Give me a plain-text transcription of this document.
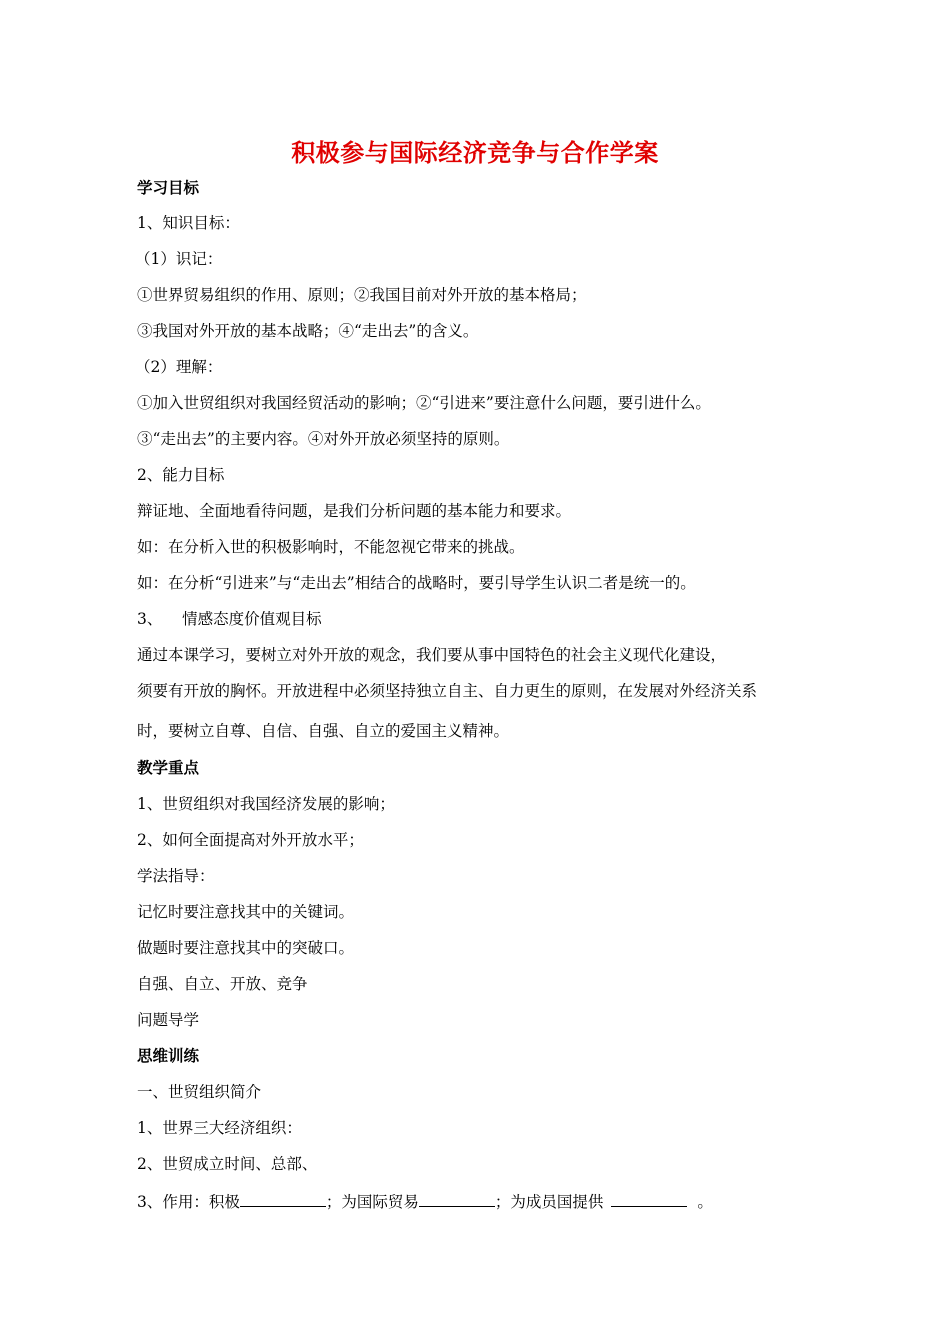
积极参与国际经济竞争与合作学案
学习目标
1、知识目标：
（1）识记：
①世界贸易组织的作用、原则；②我国目前对外开放的基本格局；
③我国对外开放的基本战略；④“走出去”的含义。
（2）理解：
①加入世贸组织对我国经贸活动的影响；②“引进来”要注意什么问题，要引进什么。
③“走出去”的主要内容。④对外开放必须坚持的原则。
2、能力目标
辩证地、全面地看待问题，是我们分析问题的基本能力和要求。
如：在分析入世的积极影响时，不能忽视它带来的挑战。
如：在分析“引进来”与“走出去”相结合的战略时，要引导学生认识二者是统一的。
3、    情感态度价值观目标
通过本课学习，要树立对外开放的观念，我们要从事中国特色的社会主义现代化建设，
须要有开放的胸怀。开放进程中必须坚持独立自主、自力更生的原则，在发展对外经济关系
时，要树立自尊、自信、自强、自立的爱国主义精神。
教学重点
1、世贸组织对我国经济发展的影响；
2、如何全面提高对外开放水平；
学法指导：
记忆时要注意找其中的关键词。
做题时要注意找其中的突破口。
自强、自立、开放、竞争
问题导学
思维训练
一、世贸组织简介
1、世界三大经济组织：
2、世贸成立时间、总部、
3、作用：积极	；为国际贸易	；为成员国提供	。
